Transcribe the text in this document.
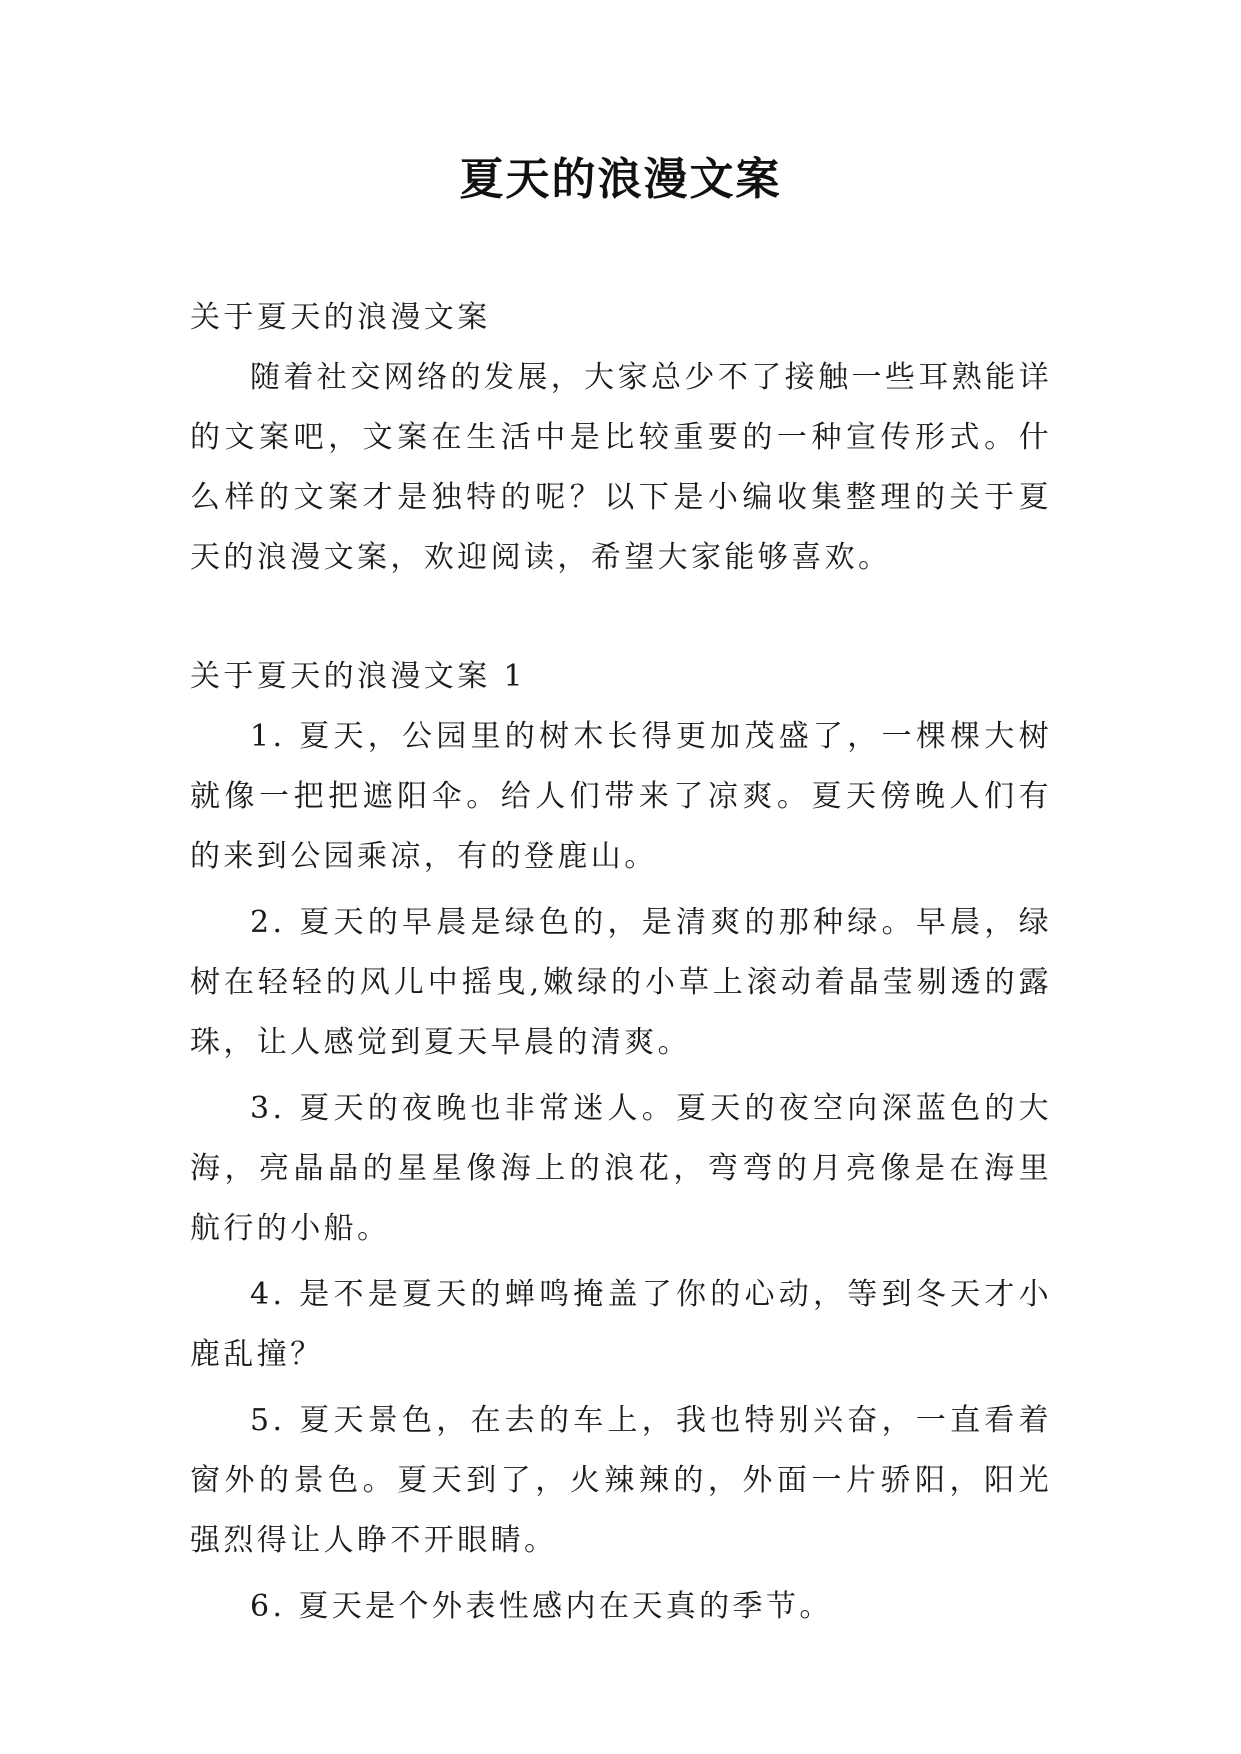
夏天的浪漫文案

关于夏天的浪漫文案

随着社交网络的发展，大家总少不了接触一些耳熟能详的文案吧，文案在生活中是比较重要的一种宣传形式。什么样的文案才是独特的呢？以下是小编收集整理的关于夏天的浪漫文案，欢迎阅读，希望大家能够喜欢。

关于夏天的浪漫文案 1

1. 夏天，公园里的树木长得更加茂盛了，一棵棵大树就像一把把遮阳伞。给人们带来了凉爽。夏天傍晚人们有的来到公园乘凉，有的登鹿山。

2. 夏天的早晨是绿色的，是清爽的那种绿。早晨，绿树在轻轻的风儿中摇曳,嫩绿的小草上滚动着晶莹剔透的露珠，让人感觉到夏天早晨的清爽。

3. 夏天的夜晚也非常迷人。夏天的夜空向深蓝色的大海，亮晶晶的星星像海上的浪花，弯弯的月亮像是在海里航行的小船。

4. 是不是夏天的蝉鸣掩盖了你的心动，等到冬天才小鹿乱撞？

5. 夏天景色，在去的车上，我也特别兴奋，一直看着窗外的景色。夏天到了，火辣辣的，外面一片骄阳，阳光强烈得让人睁不开眼睛。

6. 夏天是个外表性感内在天真的季节。
